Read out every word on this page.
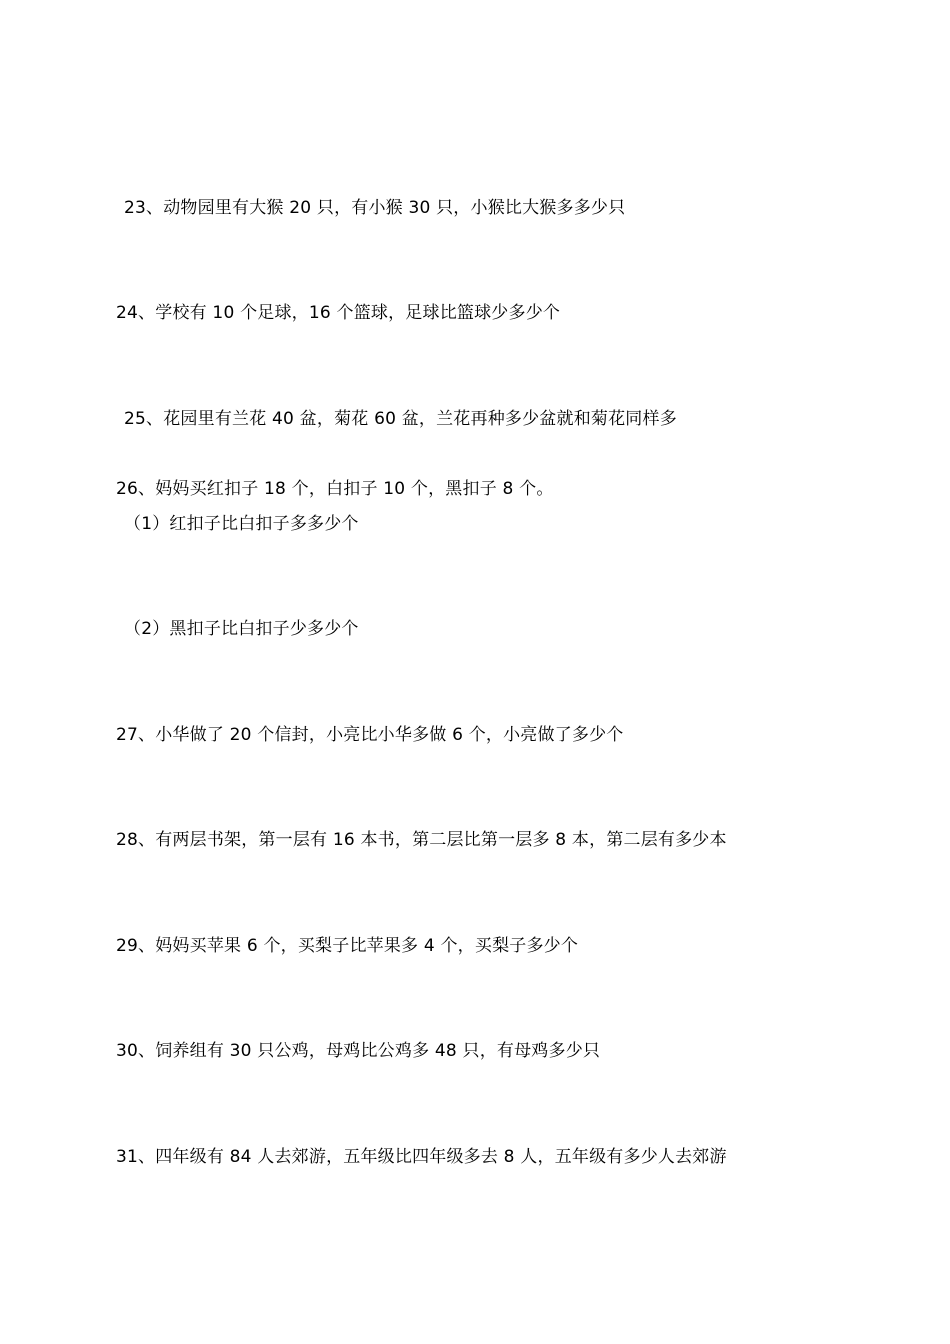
23、动物园里有大猴 20 只，有小猴 30 只，小猴比大猴多多少只
24、学校有 10 个足球，16 个篮球，足球比篮球少多少个
25、花园里有兰花 40 盆，菊花 60 盆，兰花再种多少盆就和菊花同样多
26、妈妈买红扣子 18 个，白扣子 10 个，黑扣子 8 个。
（1）红扣子比白扣子多多少个
（2）黑扣子比白扣子少多少个
27、小华做了 20 个信封，小亮比小华多做 6 个，小亮做了多少个
28、有两层书架，第一层有 16 本书，第二层比第一层多 8 本，第二层有多少本
29、妈妈买苹果 6 个，买梨子比苹果多 4 个，买梨子多少个
30、饲养组有 30 只公鸡，母鸡比公鸡多 48 只，有母鸡多少只
31、四年级有 84 人去郊游，五年级比四年级多去 8 人，五年级有多少人去郊游
